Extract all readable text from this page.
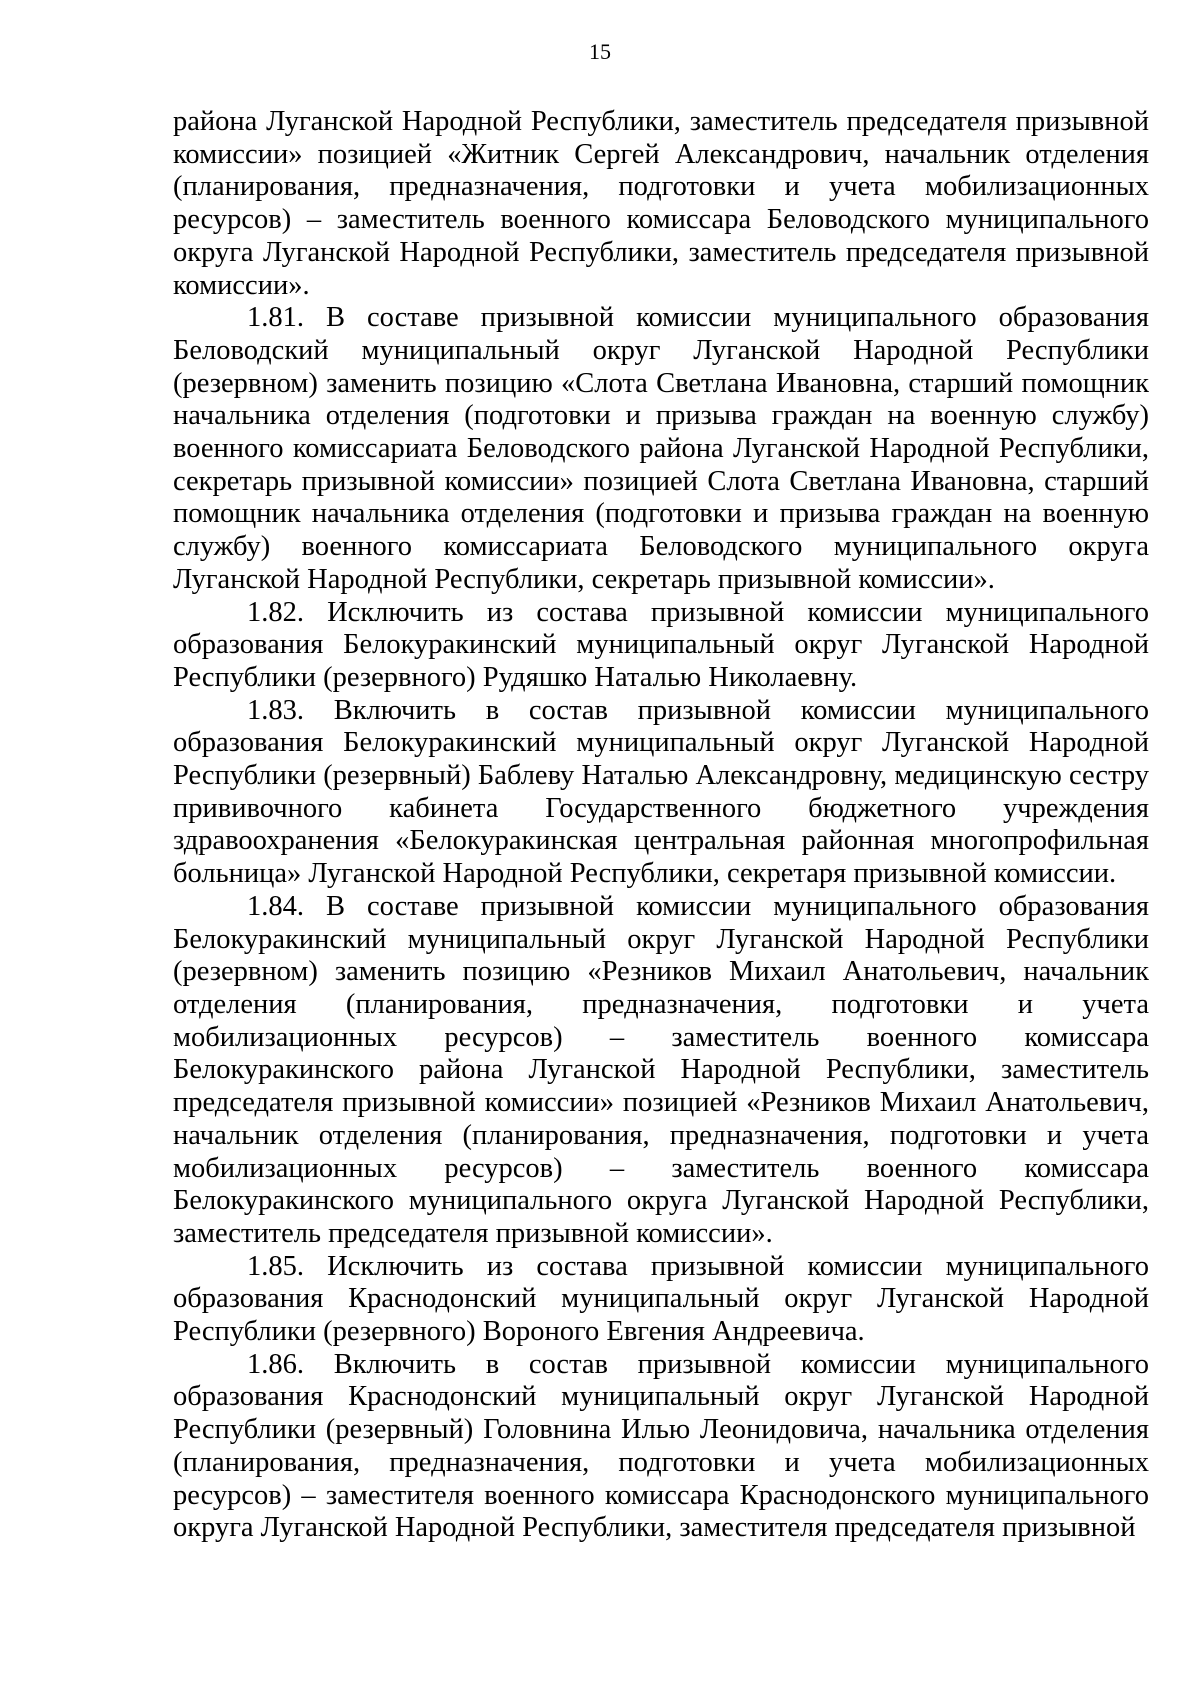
15

района Луганской Народной Республики, заместитель председателя призывной комиссии» позицией «Житник Сергей Александрович, начальник отделения (планирования, предназначения, подготовки и учета мобилизационных ресурсов) – заместитель военного комиссара Беловодского муниципального округа Луганской Народной Республики, заместитель председателя призывной комиссии».

1.81. В составе призывной комиссии муниципального образования Беловодский муниципальный округ Луганской Народной Республики (резервном) заменить позицию «Слота Светлана Ивановна, старший помощник начальника отделения (подготовки и призыва граждан на военную службу) военного комиссариата Беловодского района Луганской Народной Республики, секретарь призывной комиссии» позицией Слота Светлана Ивановна, старший помощник начальника отделения (подготовки и призыва граждан на военную службу) военного комиссариата Беловодского муниципального округа Луганской Народной Республики, секретарь призывной комиссии».

1.82. Исключить из состава призывной комиссии муниципального образования Белокуракинский муниципальный округ Луганской Народной Республики (резервного) Рудяшко Наталью Николаевну.

1.83. Включить в состав призывной комиссии муниципального образования Белокуракинский муниципальный округ Луганской Народной Республики (резервный) Баблеву Наталью Александровну, медицинскую сестру прививочного кабинета Государственного бюджетного учреждения здравоохранения «Белокуракинская центральная районная многопрофильная больница» Луганской Народной Республики, секретаря призывной комиссии.

1.84. В составе призывной комиссии муниципального образования Белокуракинский муниципальный округ Луганской Народной Республики (резервном) заменить позицию «Резников Михаил Анатольевич, начальник отделения (планирования, предназначения, подготовки и учета мобилизационных ресурсов) – заместитель военного комиссара Белокуракинского района Луганской Народной Республики, заместитель председателя призывной комиссии» позицией «Резников Михаил Анатольевич, начальник отделения (планирования, предназначения, подготовки и учета мобилизационных ресурсов) – заместитель военного комиссара Белокуракинского муниципального округа Луганской Народной Республики, заместитель председателя призывной комиссии».

1.85. Исключить из состава призывной комиссии муниципального образования Краснодонский муниципальный округ Луганской Народной Республики (резервного) Вороного Евгения Андреевича.

1.86. Включить в состав призывной комиссии муниципального образования Краснодонский муниципальный округ Луганской Народной Республики (резервный) Головнина Илью Леонидовича, начальника отделения (планирования, предназначения, подготовки и учета мобилизационных ресурсов) – заместителя военного комиссара Краснодонского муниципального округа Луганской Народной Республики, заместителя председателя призывной
